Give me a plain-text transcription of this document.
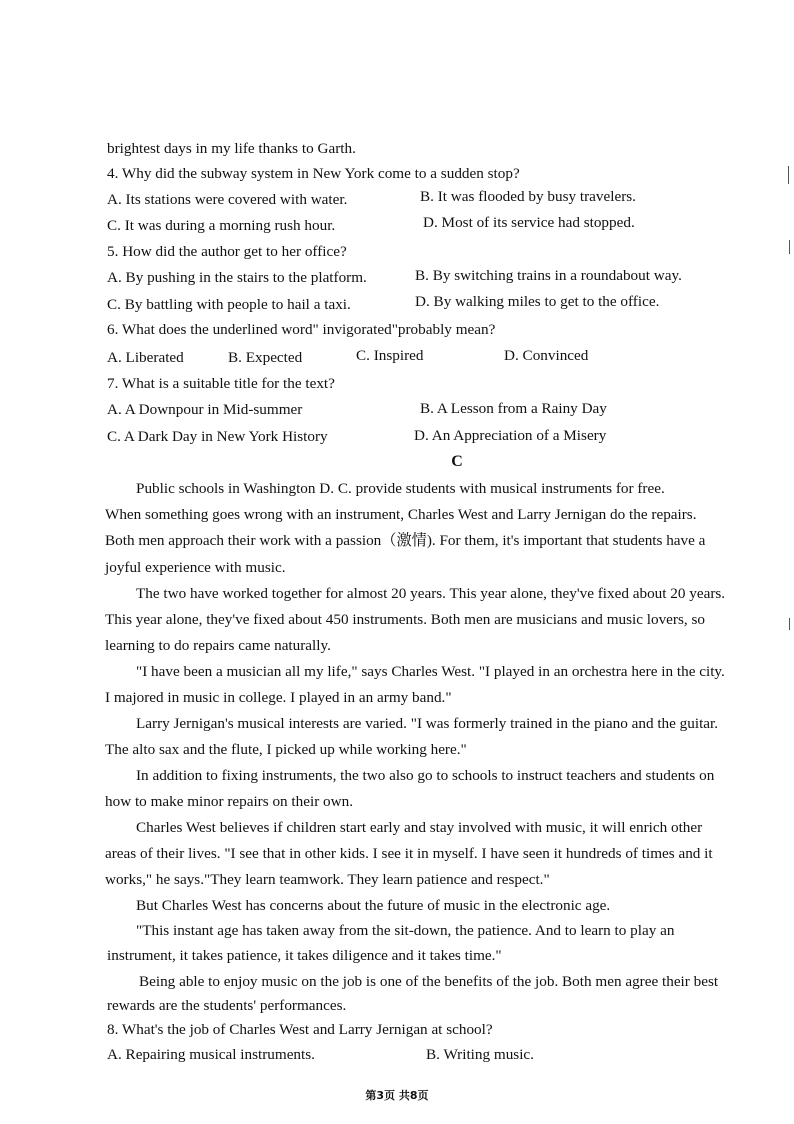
brightest days in my life thanks to Garth.
4. Why did the subway system in New York come to a sudden stop?
A. Its stations were covered with water.	B. It was flooded by busy travelers.
C. It was during a morning rush hour.	D. Most of its service had stopped.
5. How did the author get to her office?
A. By pushing in the stairs to the platform.	B. By switching trains in a roundabout way.
C. By battling with people to hail a taxi.	D. By walking miles to get to the office.
6. What does the underlined word" invigorated"probably mean?
A. Liberated	B. Expected	C. Inspired	D. Convinced
7. What is a suitable title for the text?
A. A Downpour in Mid-summer	B. A Lesson from a Rainy Day
C. A Dark Day in New York History	D. An Appreciation of a Misery
C
Public schools in Washington D. C. provide students with musical instruments for free.
When something goes wrong with an instrument, Charles West and Larry Jernigan do the repairs.
Both men approach their work with a passion（激情). For them, it's important that students have a
joyful experience with music.
The two have worked together for almost 20 years. This year alone, they've fixed about 20 years.
This year alone, they've fixed about 450 instruments. Both men are musicians and music lovers, so
learning to do repairs came naturally.
"I have been a musician all my life," says Charles West. "I played in an orchestra here in the city.
I majored in music in college. I played in an army band."
Larry Jernigan's musical interests are varied. "I was formerly trained in the piano and the guitar.
The alto sax and the flute, I picked up while working here."
In addition to fixing instruments, the two also go to schools to instruct teachers and students on
how to make minor repairs on their own.
Charles West believes if children start early and stay involved with music, it will enrich other
areas of their lives. "I see that in other kids. I see it in myself. I have seen it hundreds of times and it
works," he says."They learn teamwork. They learn patience and respect."
But Charles West has concerns about the future of music in the electronic age.
"This instant age has taken away from the sit-down, the patience. And to learn to play an
instrument, it takes patience, it takes diligence and it takes time."
Being able to enjoy music on the job is one of the benefits of the job. Both men agree their best
rewards are the students' performances.
8. What's the job of Charles West and Larry Jernigan at school?
A. Repairing musical instruments.	B. Writing music.
第3页 共8页
